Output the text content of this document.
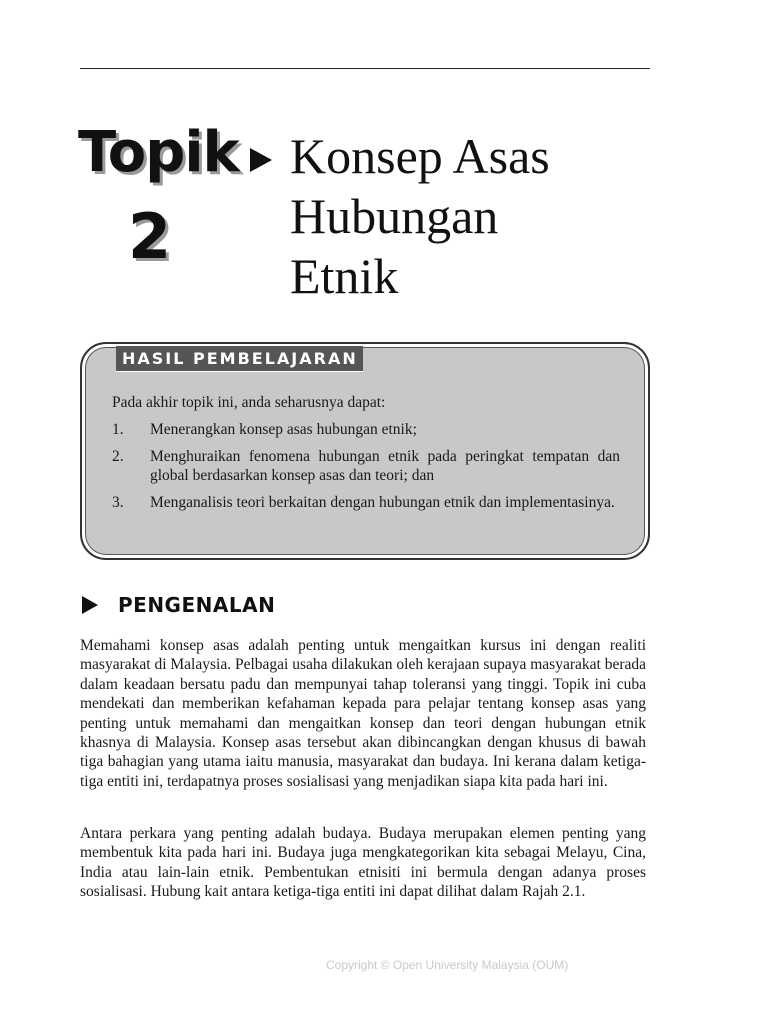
Topik
2
Konsep Asas
Hubungan
Etnik
HASIL PEMBELAJARAN

Pada akhir topik ini, anda seharusnya dapat:

1.	Menerangkan konsep asas hubungan etnik;
2.	Menghuraikan fenomena hubungan etnik pada peringkat tempatan dan global berdasarkan konsep asas dan teori; dan
3.	Menganalisis teori berkaitan dengan hubungan etnik dan implementasinya.
PENGENALAN
Memahami konsep asas adalah penting untuk mengaitkan kursus ini dengan realiti masyarakat di Malaysia. Pelbagai usaha dilakukan oleh kerajaan supaya masyarakat berada dalam keadaan bersatu padu dan mempunyai tahap toleransi yang tinggi. Topik ini cuba mendekati dan memberikan kefahaman kepada para pelajar tentang konsep asas yang penting untuk memahami dan mengaitkan konsep dan teori dengan hubungan etnik khasnya di Malaysia. Konsep asas tersebut akan dibincangkan dengan khusus di bawah tiga bahagian yang utama iaitu manusia, masyarakat dan budaya. Ini kerana dalam ketiga-tiga entiti ini, terdapatnya proses sosialisasi yang menjadikan siapa kita pada hari ini.
Antara perkara yang penting adalah budaya. Budaya merupakan elemen penting yang membentuk kita pada hari ini. Budaya juga mengkategorikan kita sebagai Melayu, Cina, India atau lain-lain etnik. Pembentukan etnisiti ini bermula dengan adanya proses sosialisasi. Hubung kait antara ketiga-tiga entiti ini dapat dilihat dalam Rajah 2.1.
Copyright © Open University Malaysia (OUM)
